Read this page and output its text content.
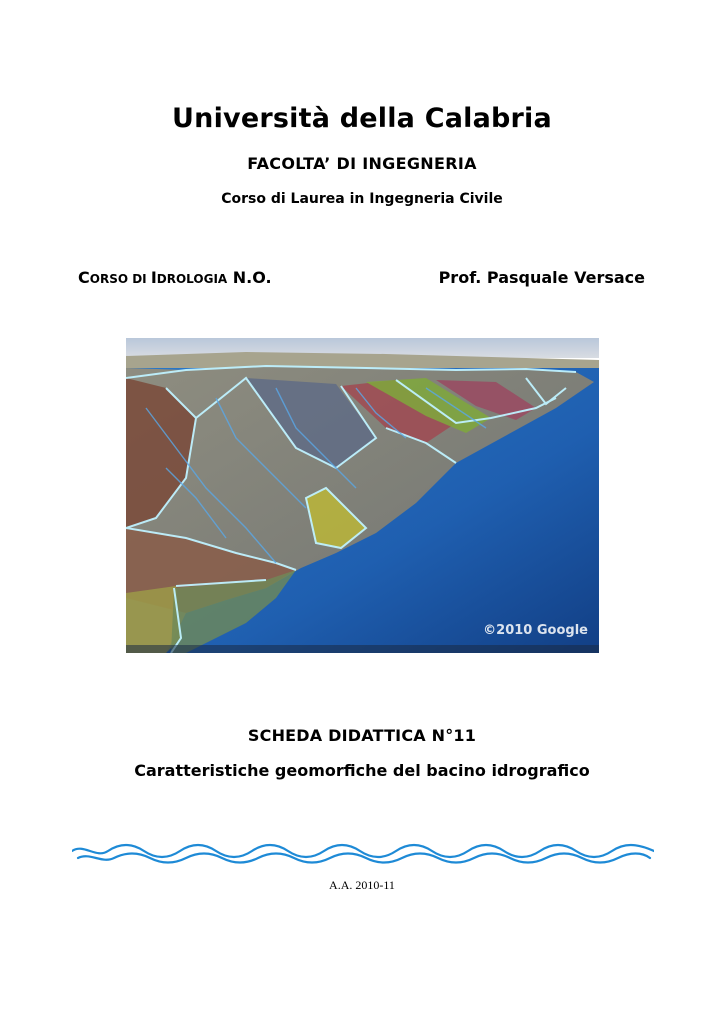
Università della Calabria
FACOLTA’ DI INGEGNERIA
Corso di Laurea in Ingegneria Civile
CORSO DI IDROLOGIA N.O.	Prof. Pasquale Versace
©2010 Google
SCHEDA DIDATTICA N°11
Caratteristiche geomorfiche del bacino idrografico
A.A. 2010-11
